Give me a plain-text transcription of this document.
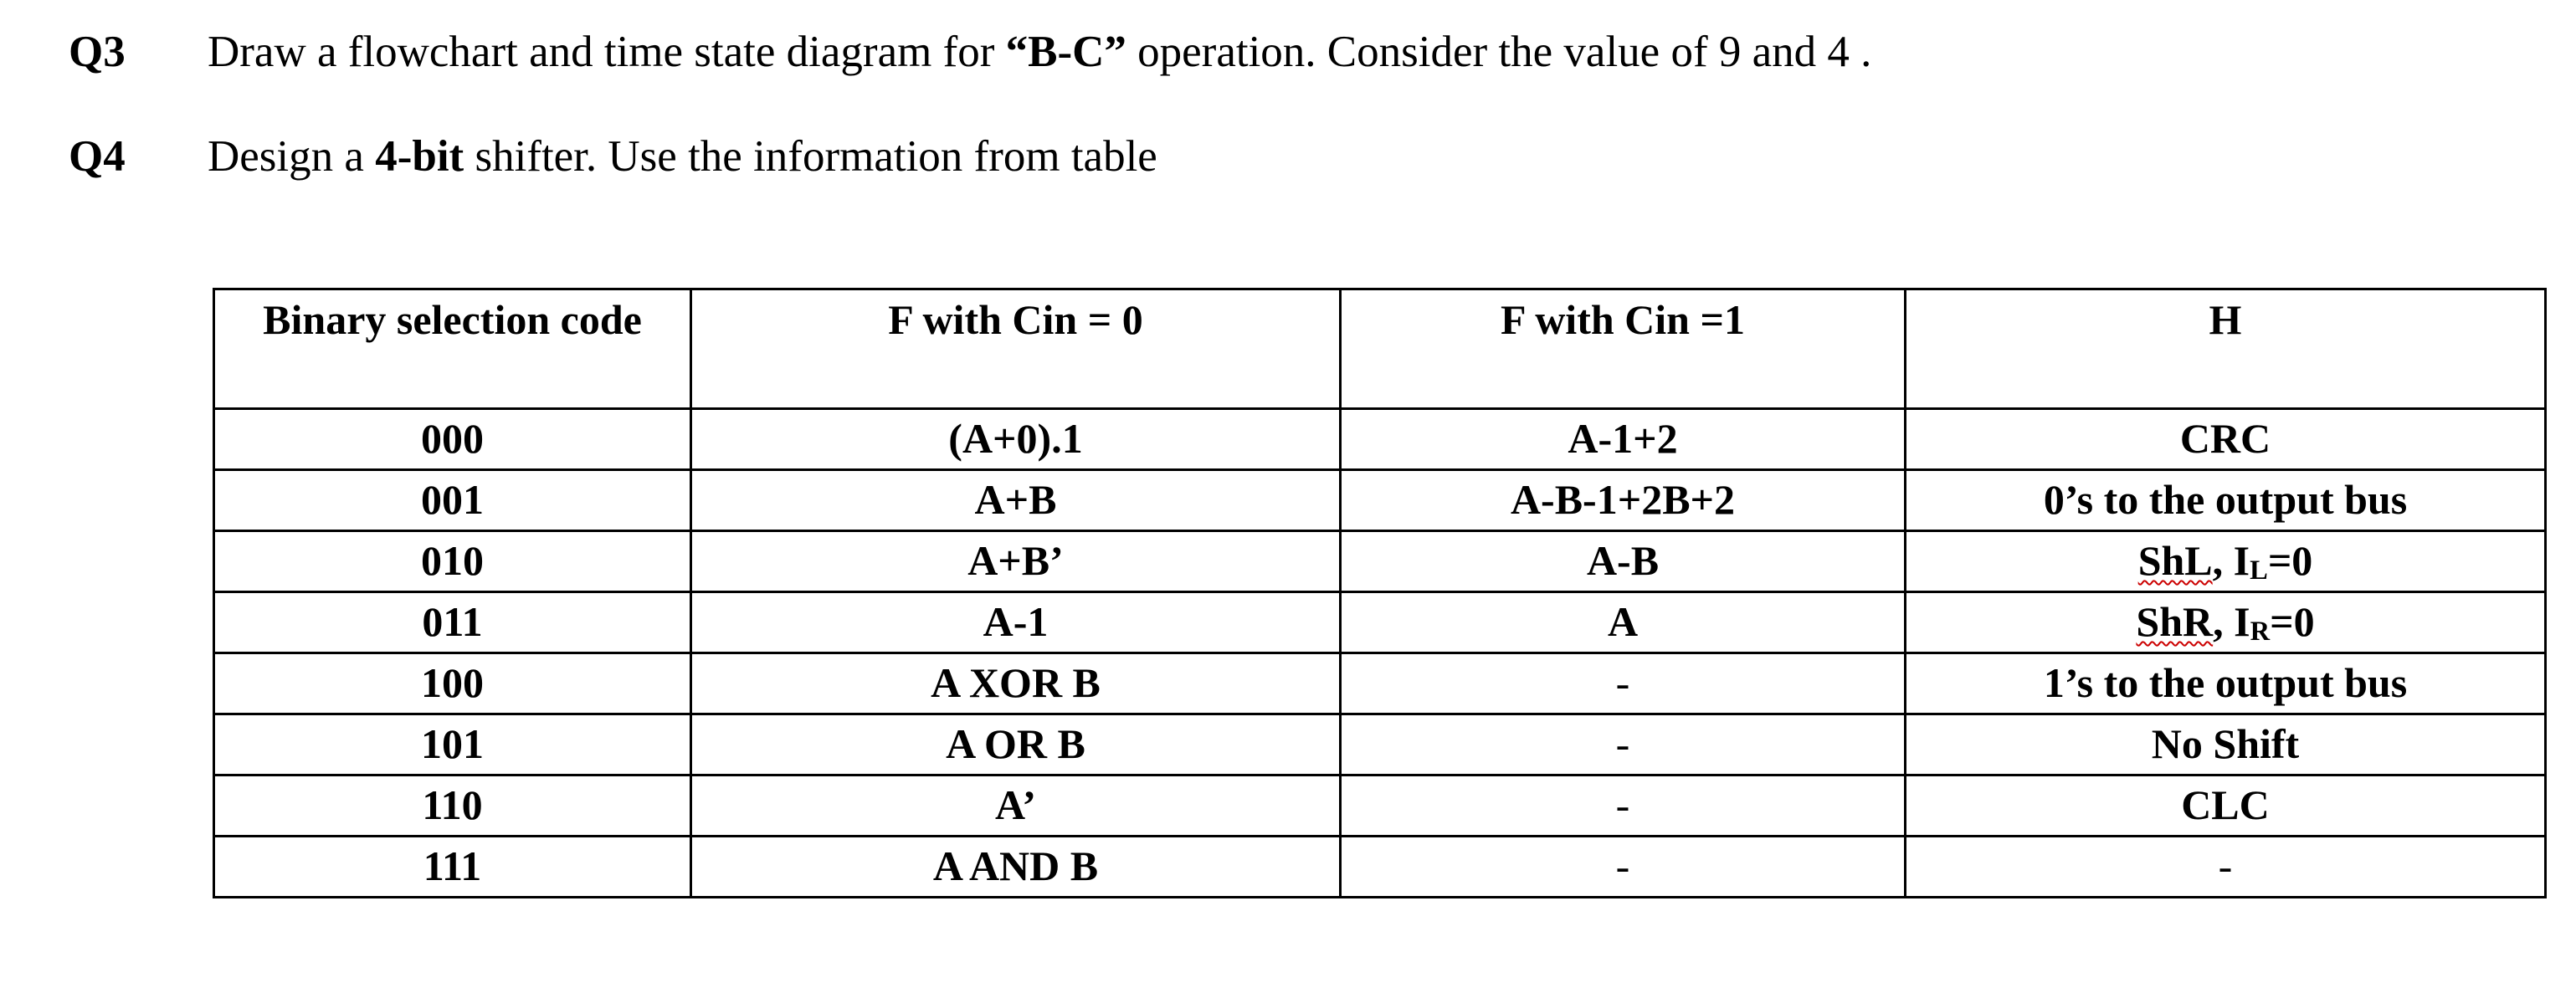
Q3 Draw a flowchart and time state diagram for “B-C” operation. Consider the value of 9 and 4 .
Q4 Design a 4-bit shifter. Use the information from table
Binary selection code	F with Cin = 0	F with Cin =1	H
000	(A+0).1	A-1+2	CRC
001	A+B	A-B-1+2B+2	0’s to the output bus
010	A+B’	A-B	ShL, $I_L=0$
011	A-1	A	ShR, $I_R=0$
100	A XOR B	-	1’s to the output bus
101	A OR B	-	No Shift
110	A’	-	CLC
111	A AND B	-	-
